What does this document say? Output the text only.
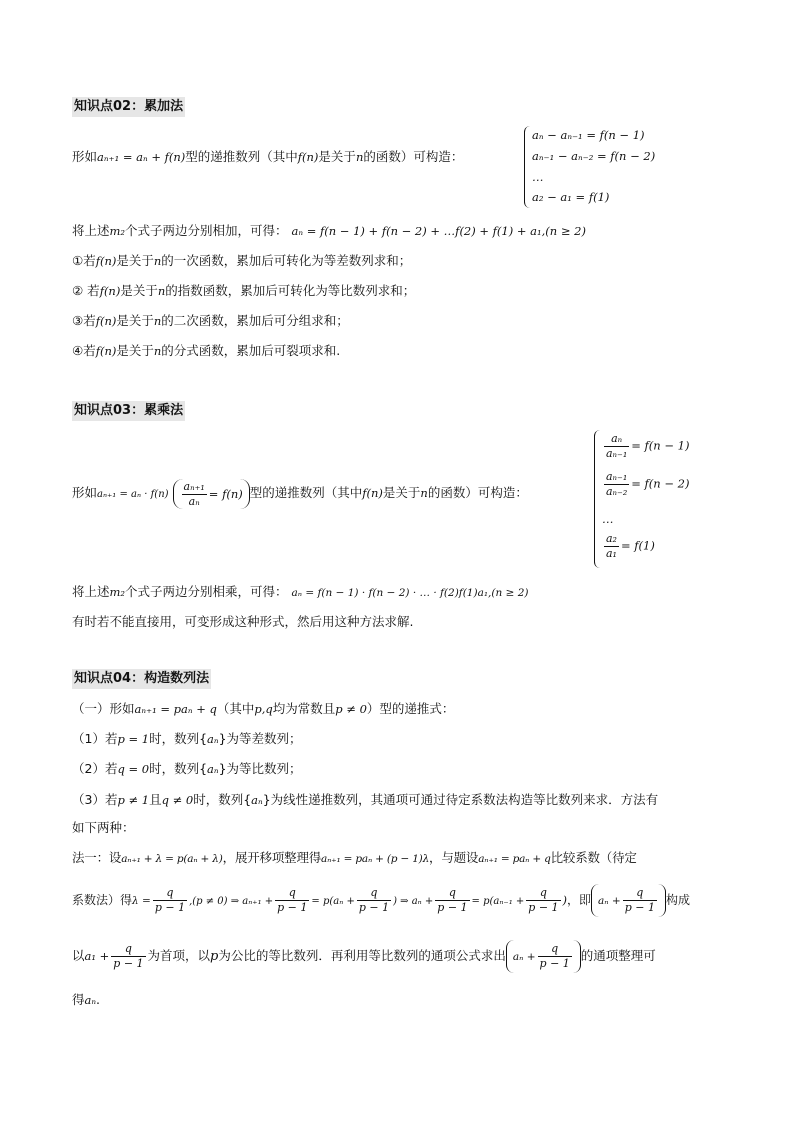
知识点02：累加法
形如aₙ₊₁ = aₙ + f(n)型的递推数列（其中f(n)是关于n的函数）可构造：
aₙ − aₙ₋₁ = f(n − 1)
aₙ₋₁ − aₙ₋₂ = f(n − 2)
…
a₂ − a₁ = f(1)
将上述m₂个式子两边分别相加，可得： aₙ = f(n − 1) + f(n − 2) + …f(2) + f(1) + a₁,(n ≥ 2)
①若f(n)是关于n的一次函数，累加后可转化为等差数列求和；
② 若f(n)是关于n的指数函数，累加后可转化为等比数列求和；
③若f(n)是关于n的二次函数，累加后可分组求和；
④若f(n)是关于n的分式函数，累加后可裂项求和.
知识点03：累乘法
形如$a_{n+1} = a_n \cdot f(n) \frac{\text{aₙ₊₁}}{\text{aₙ}} = f(n)$ 型的递推数列（其中f(n)是关于n的函数）可构造：
$\frac{\text{aₙ}}{\text{aₙ₋₁}} = f(n - 1)$
$\frac{\text{aₙ₋₁}}{\text{aₙ₋₂}} = f(n - 2)$
…
$\frac{\text{a₂}}{\text{a₁}} = f(1)$
将上述m₂个式子两边分别相乘，可得： aₙ = f(n − 1) · f(n − 2) · … · f(2)f(1)a₁,(n ≥ 2)
有时若不能直接用，可变形成这种形式，然后用这种方法求解.
知识点04：构造数列法
（一）形如aₙ₊₁ = paₙ + q（其中p,q均为常数且p ≠ 0）型的递推式：
（1）若p = 1时，数列{aₙ}为等差数列；
（2）若q = 0时，数列{aₙ}为等比数列；
（3）若p ≠ 1且q ≠ 0时，数列{aₙ}为线性递推数列，其通项可通过待定系数法构造等比数列来求．方法有
如下两种：
法一：设aₙ₊₁ + λ = p(aₙ + λ)，展开移项整理得aₙ₊₁ = paₙ + (p − 1)λ，与题设aₙ₊₁ = paₙ + q比较系数（待定
系数法）得$\lambda = \frac{q}{p - 1} ,(p \ne 0)$ ⇒ $a_{n+1} + \frac{q}{p - 1} = p(a_n + \frac{q}{p - 1}$ ) ⇒ $a_n + \frac{q}{p - 1} = p(a_{n-1} + \frac{q}{p - 1}$ )，即 $a_n + \frac{q}{p - 1}$ 构成
以$a_1 + \frac{q}{p - 1}$ 为首项，以p为公比的等比数列．再利用等比数列的通项公式求出 $a_n + \frac{q}{p - 1}$ 的通项整理可
得aₙ.
